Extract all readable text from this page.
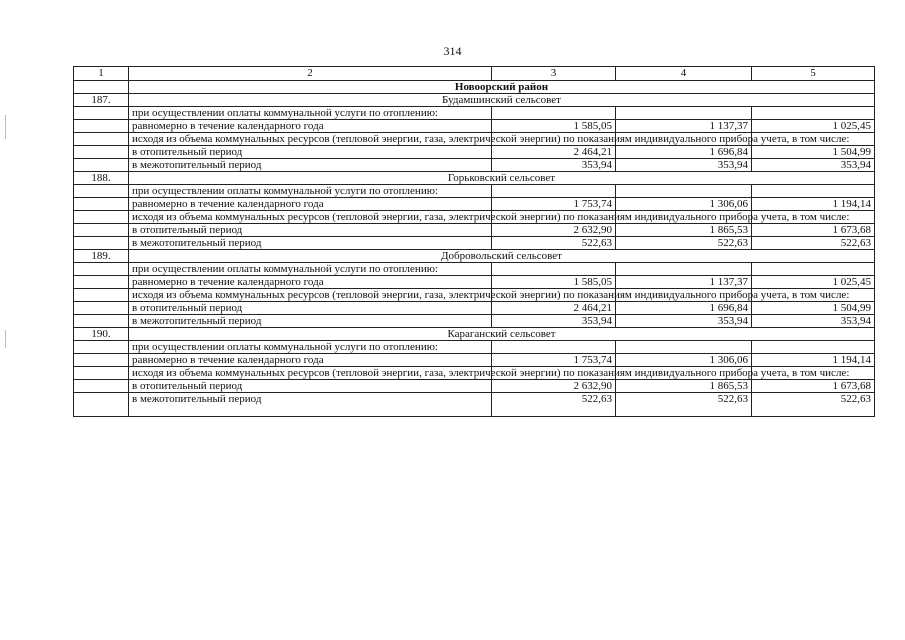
314
1	2	3	4	5
	Новоорский район			
187.	Будамшинский сельсовет			
	при осуществлении оплаты коммунальной услуги по отоплению:			
	равномерно в течение календарного года	1 585,05	1 137,37	1 025,45
	исходя из объема коммунальных ресурсов (тепловой энергии, газа, электрической энергии) по показаниям индивидуального прибора учета, в том числе:			
	в отопительный период	2 464,21	1 696,84	1 504,99
	в межотопительный период	353,94	353,94	353,94
188.	Горьковский сельсовет			
	при осуществлении оплаты коммунальной услуги по отоплению:			
	равномерно в течение календарного года	1 753,74	1 306,06	1 194,14
	исходя из объема коммунальных ресурсов (тепловой энергии, газа, электрической энергии) по показаниям индивидуального прибора учета, в том числе:			
	в отопительный период	2 632,90	1 865,53	1 673,68
	в межотопительный период	522,63	522,63	522,63
189.	Добровольский сельсовет			
	при осуществлении оплаты коммунальной услуги по отоплению:			
	равномерно в течение календарного года	1 585,05	1 137,37	1 025,45
	исходя из объема коммунальных ресурсов (тепловой энергии, газа, электрической энергии) по показаниям индивидуального прибора учета, в том числе:			
	в отопительный период	2 464,21	1 696,84	1 504,99
	в межотопительный период	353,94	353,94	353,94
190.	Караганский сельсовет			
	при осуществлении оплаты коммунальной услуги по отоплению:			
	равномерно в течение календарного года	1 753,74	1 306,06	1 194,14
	исходя из объема коммунальных ресурсов (тепловой энергии, газа, электрической энергии) по показаниям индивидуального прибора учета, в том числе:			
	в отопительный период	2 632,90	1 865,53	1 673,68
	в межотопительный период	522,63	522,63	522,63
